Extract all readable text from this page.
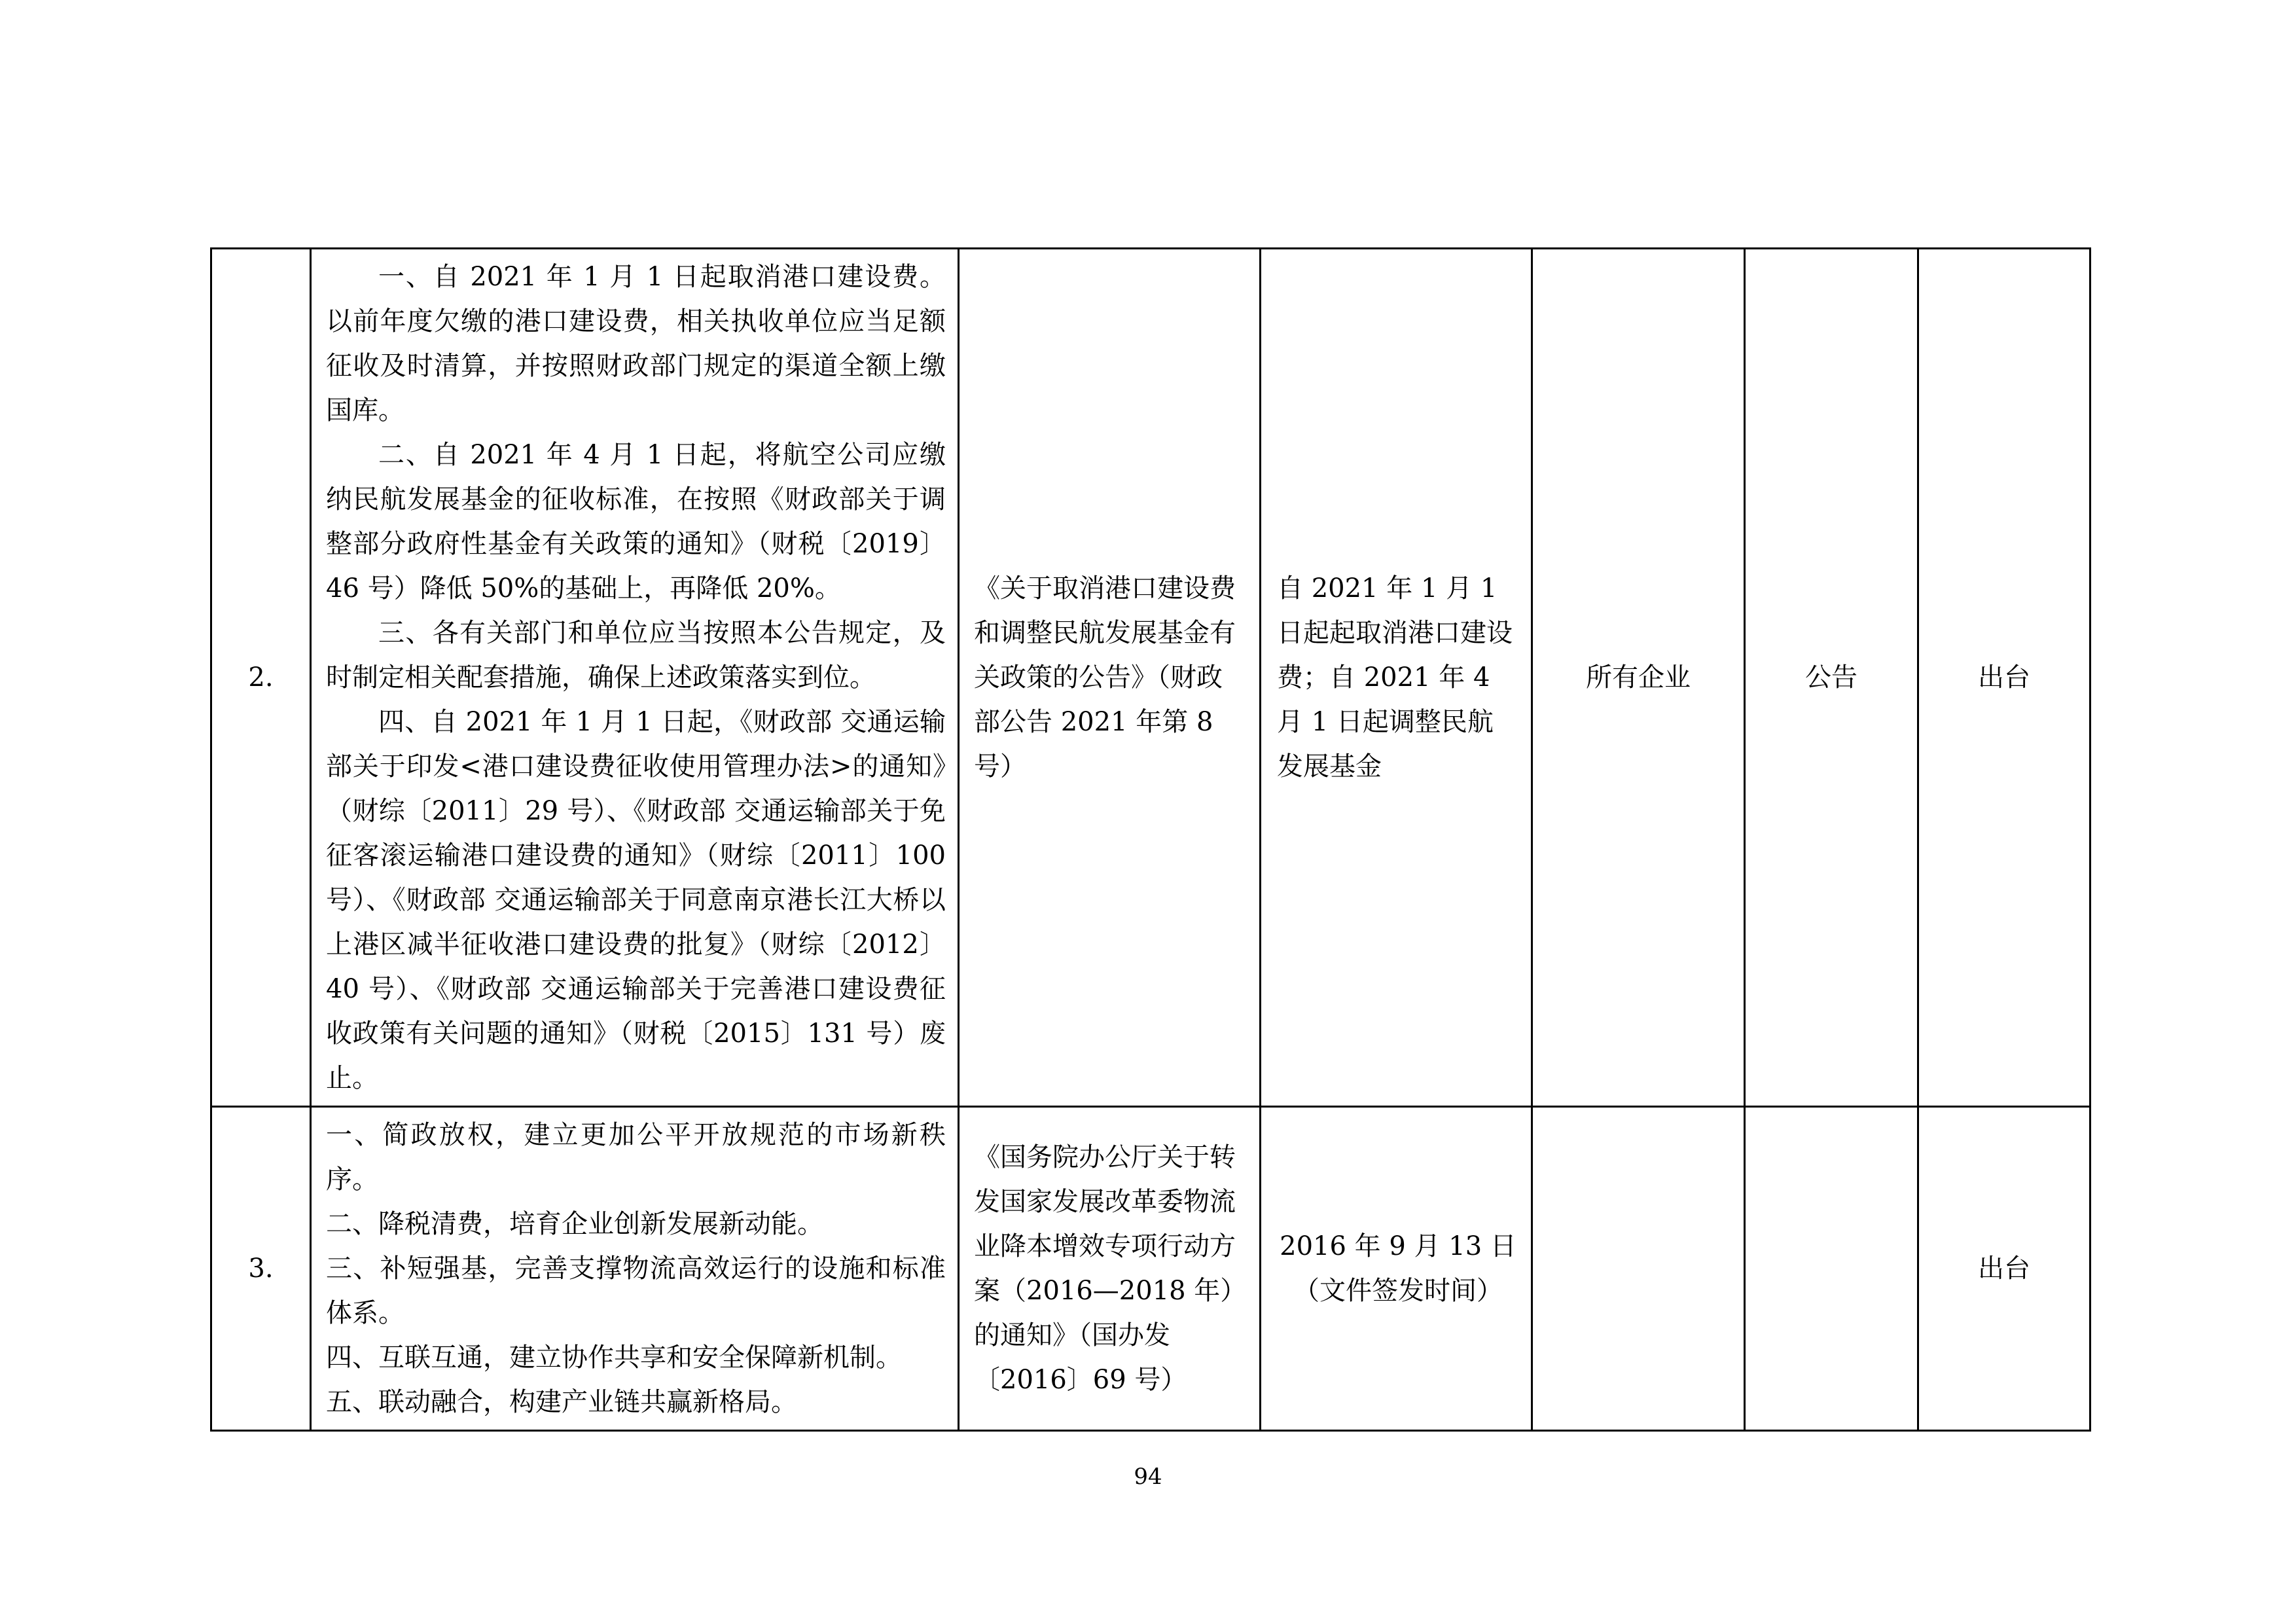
2.	一、自 2021 年 1 月 1 日起取消港口建设费。以前年度欠缴的港口建设费，相关执收单位应当足额征收及时清算，并按照财政部门规定的渠道全额上缴国库。

二、自 2021 年 4 月 1 日起，将航空公司应缴纳民航发展基金的征收标准，在按照《财政部关于调整部分政府性基金有关政策的通知》（财税〔2019〕46 号）降低 50%的基础上，再降低 20%。

三、各有关部门和单位应当按照本公告规定，及时制定相关配套措施，确保上述政策落实到位。

四、自 2021 年 1 月 1 日起，《财政部 交通运输部关于印发<港口建设费征收使用管理办法>的通知》（财综〔2011〕29 号）、《财政部 交通运输部关于免征客滚运输港口建设费的通知》（财综〔2011〕100 号）、《财政部 交通运输部关于同意南京港长江大桥以上港区减半征收港口建设费的批复》（财综〔2012〕40 号）、《财政部 交通运输部关于完善港口建设费征收政策有关问题的通知》（财税〔2015〕131 号）废止。	《关于取消港口建设费和调整民航发展基金有关政策的公告》（财政部公告 2021 年第 8 号）	自 2021 年 1 月 1 日起起取消港口建设费；自 2021 年 4 月 1 日起调整民航发展基金	所有企业	公告	出台
3.	一、简政放权，建立更加公平开放规范的市场新秩序。

二、降税清费，培育企业创新发展新动能。

三、补短强基，完善支撑物流高效运行的设施和标准体系。

四、互联互通，建立协作共享和安全保障新机制。

五、联动融合，构建产业链共赢新格局。	《国务院办公厅关于转发国家发展改革委物流业降本增效专项行动方案（2016—2018 年）的通知》（国办发〔2016〕69 号）	2016 年 9 月 13 日（文件签发时间）			出台
94
